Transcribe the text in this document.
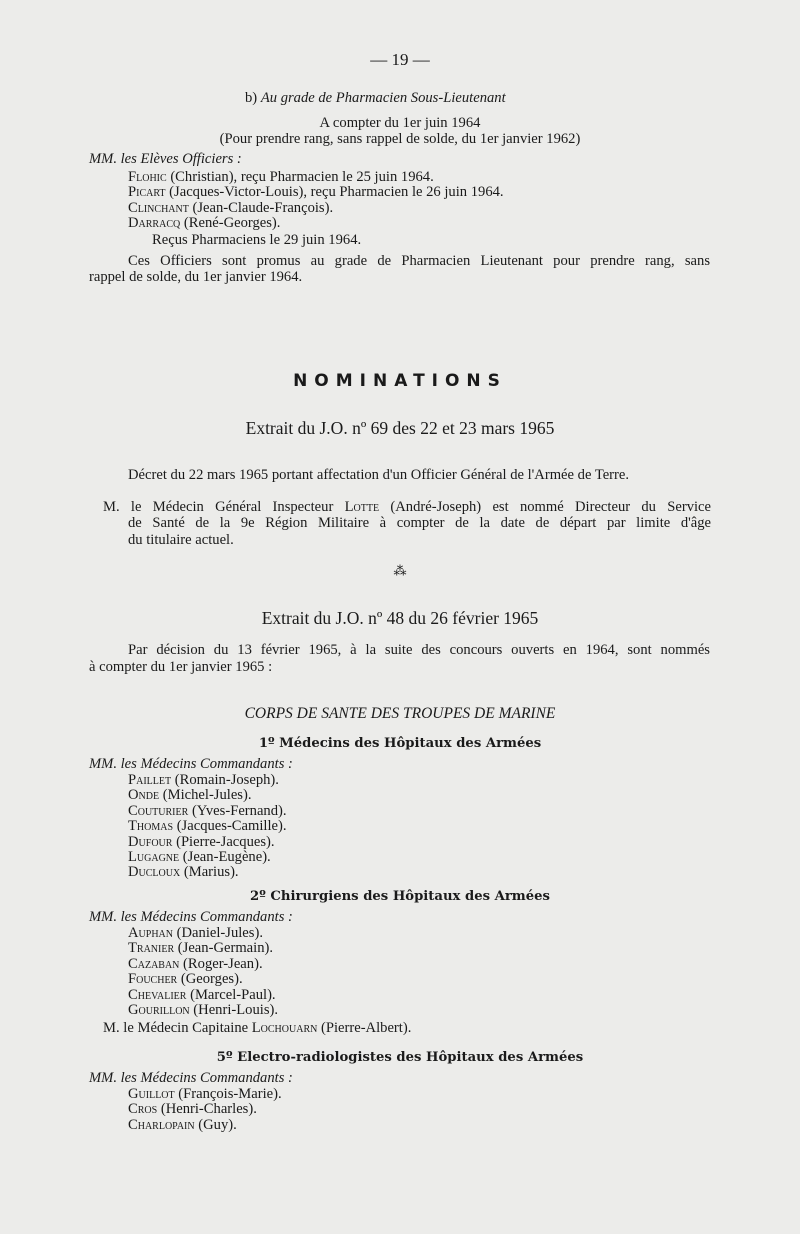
— 19 —
b) Au grade de Pharmacien Sous-Lieutenant
A compter du 1er juin 1964
(Pour prendre rang, sans rappel de solde, du 1er janvier 1962)
MM. les Elèves Officiers :
Flohic (Christian), reçu Pharmacien le 25 juin 1964.
Picart (Jacques-Victor-Louis), reçu Pharmacien le 26 juin 1964.
Clinchant (Jean-Claude-François).
Darracq (René-Georges).
Reçus Pharmaciens le 29 juin 1964.
Ces Officiers sont promus au grade de Pharmacien Lieutenant pour prendre rang, sans
rappel de solde, du 1er janvier 1964.
NOMINATIONS
Extrait du J.O. nº 69 des 22 et 23 mars 1965
Décret du 22 mars 1965 portant affectation d'un Officier Général de l'Armée de Terre.
M. le Médecin Général Inspecteur Lotte (André-Joseph) est nommé Directeur du Service
de Santé de la 9e Région Militaire à compter de la date de départ par limite d'âge
du titulaire actuel.
⁂
Extrait du J.O. nº 48 du 26 février 1965
Par décision du 13 février 1965, à la suite des concours ouverts en 1964, sont nommés
à compter du 1er janvier 1965 :
CORPS DE SANTE DES TROUPES DE MARINE
1º Médecins des Hôpitaux des Armées
MM. les Médecins Commandants :
Paillet (Romain-Joseph).
Onde (Michel-Jules).
Couturier (Yves-Fernand).
Thomas (Jacques-Camille).
Dufour (Pierre-Jacques).
Lugagne (Jean-Eugène).
Ducloux (Marius).
2º Chirurgiens des Hôpitaux des Armées
MM. les Médecins Commandants :
Auphan (Daniel-Jules).
Tranier (Jean-Germain).
Cazaban (Roger-Jean).
Foucher (Georges).
Chevalier (Marcel-Paul).
Gourillon (Henri-Louis).
M. le Médecin Capitaine Lochouarn (Pierre-Albert).
5º Electro-radiologistes des Hôpitaux des Armées
MM. les Médecins Commandants :
Guillot (François-Marie).
Cros (Henri-Charles).
Charlopain (Guy).
